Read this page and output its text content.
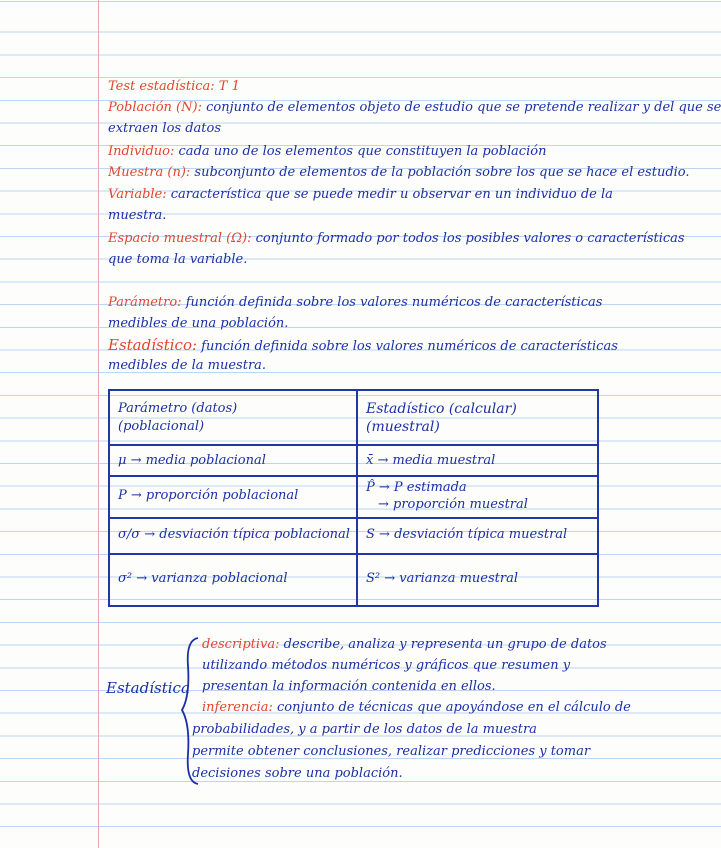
Test estadística: T 1
Población (N): conjunto de elementos objeto de estudio que se pretende realizar y del que se
extraen los datos
Individuo: cada uno de los elementos que constituyen la población
Muestra (n): subconjunto de elementos de la población sobre los que se hace el estudio.
Variable: característica que se puede medir u observar en un individuo de la
muestra.
Espacio muestral (Ω): conjunto formado por todos los posibles valores o características
que toma la variable.
Parámetro: función definida sobre los valores numéricos de características
medibles de una población.
Estadístico: función definida sobre los valores numéricos de características
medibles de la muestra.
Parámetro (datos)
(poblacional)
Estadístico (calcular)
(muestral)
μ → media poblacional	x̄ → media muestral
P → proporción poblacional
P̂ → P estimada
→ proporción muestral
σ/σ → desviación típica poblacional S → desviación típica muestral
σ² → varianza poblacional	S² → varianza muestral
Estadística
descriptiva: describe, analiza y representa un grupo de datos
utilizando métodos numéricos y gráficos que resumen y
presentan la información contenida en ellos.
inferencia: conjunto de técnicas que apoyándose en el cálculo de
probabilidades, y a partir de los datos de la muestra
permite obtener conclusiones, realizar predicciones y tomar
decisiones sobre una población.
